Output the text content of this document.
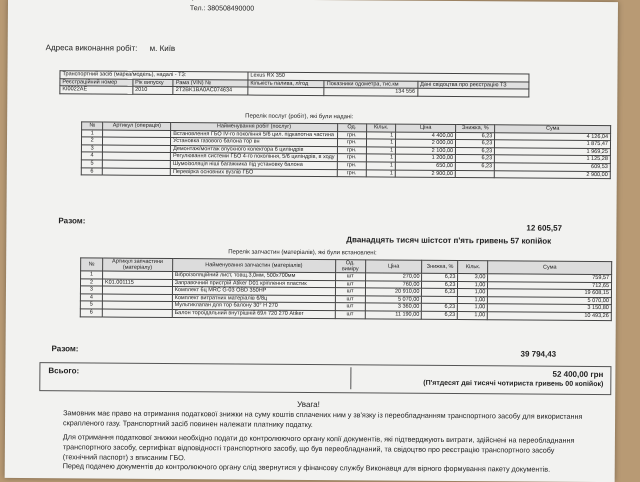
Тел.: 380508490000
Адреса виконання робіт: м. Київ
Транспортний засіб (марка/модель), надалі - ТЗ:			Lexus RX 350		
Реєстраційний номер	Рік випуску	Рама (VIN) №	Кількість палива, л/год	Показники одометра, тис.км	Дані свідоцтва про реєстрацію ТЗ
KI0022AE	2010	2T2BK1BA0AC074634		134 556	
Перелік послуг (робіт), які були надані:
№	Артикул (операція)	Найменування робіт (послуг)	Од.	Кільк.	Ціна	Знижка, %	Сума
1		Встановлення ГБО IV-го покоління 5/6 цил. підкапотна частина	грн.	1	4 400,00	6,23	4 126,04
2		Установка газового балона тор вн	грн.	1	2 000,00	6,23	1 875,47
3		Демонтаж/монтаж впускного колектора 6 циліндрів	грн.	1	2 100,00	6,23	1 969,25
4		Регулювання системи ГБО 4-го покоління, 5/6 циліндрів, в ходу	грн.	1	1 200,00	6,23	1 125,28
5		Шумоізоляція ніші багажника під установку балона	грн.	1	650,00	6,23	609,53
6		Перевірка основних вузлів ГБО	грн.	1	2 900,00		2 900,00
Разом:
12 605,57
Дванадцять тисяч шістсот п'ять гривень 57 копійок
Перелік запчастин (матеріалів), які були встановлені:
№	Артикул запчастини (матеріалу)	Найменування запчастин (матеріалів)	Од. виміру	Ціна	Знижка, %	Кільк.	Сума
1		Віброізоляційний лист, товщ.3,0мм, 500х700мм	шт	270,00	6,23	3,00	759,57
2	K01.001115	Заправочний пристрій Atiker D01 кріплення пластик	шт	760,00	6,23	1,00	712,65
3		Комплект 6ц MRC G-03 OBD 350HP	шт	20 910,00	6,23	1,00	19 608,15
4		Комплект витратних матеріалів 6/8ц	шт	5 070,00		1,00	5 070,00
5		Мультиклапан для тор балону 30° H 270	шт	3 360,00	6,23	1,00	3 150,80
6		Балон тороїдальний внутрішній 69л 720 270 Atiker	шт	11 190,00	6,23	1,00	10 493,26
Разом:
39 794,43
Всього:	52 400,00 грн
(П'ятдесят дві тисячі чотириста гривень 00 копійок)
Увага!
Замовник має право на отримання податкової знижки на суму коштів сплачених ним у зв'язку із переобладнанням транспортного засобу для використання скрапленого газу. Транспортний засіб повинен належати платнику податку.
Для отримання податкової знижки необхідно подати до контролюючого органу копії документів, які підтверджують витрати, здійснені на переобладнання транспортного засобу, сертифікат відповідності транспортного засобу, що був переобладнаний, та свідоцтво про реєстрацію транспортного засобу (технічний паспорт) з вписаним ГБО.
Перед подачею документів до контролюючого органу слід звернутися у фінансову службу Виконавця для вірного формування пакету документів.
